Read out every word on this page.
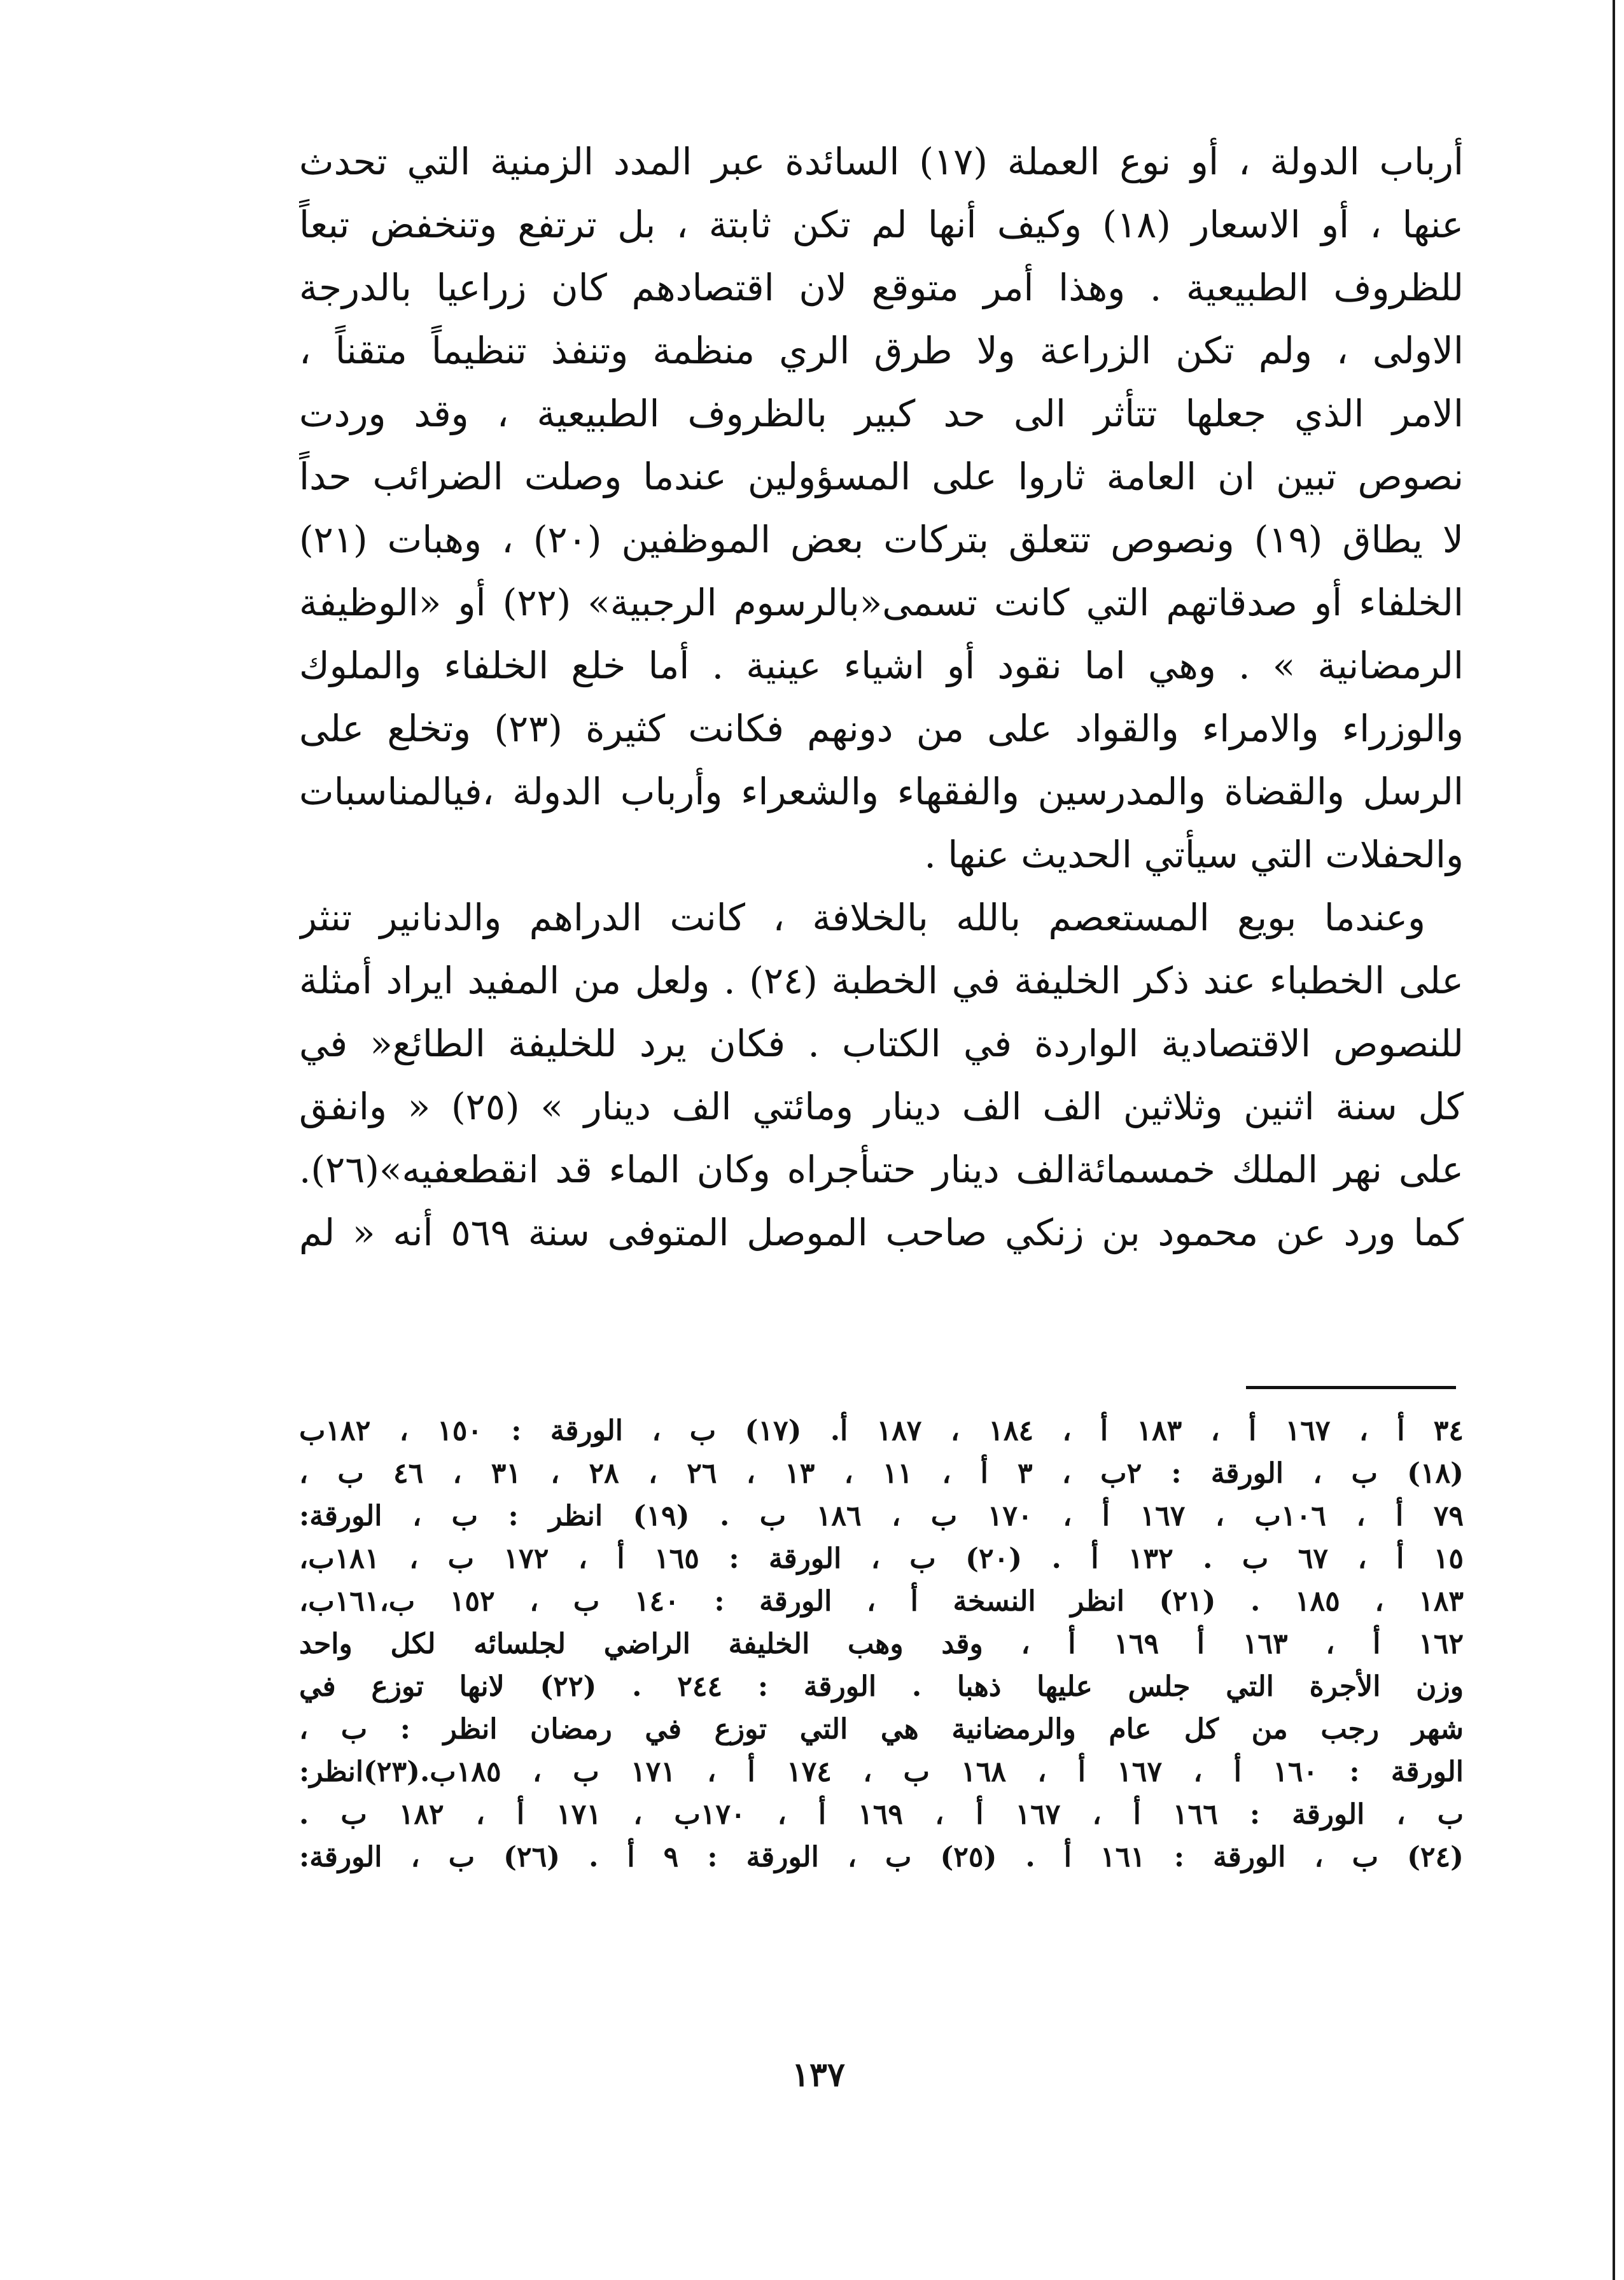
أرباب الدولة ، أو نوع العملة (١٧) السائدة عبر المدد الزمنية التي تحدث
عنها ، أو الاسعار (١٨) وكيف أنها لم تكن ثابتة ، بل ترتفع وتنخفض تبعاً
للظروف الطبيعية . وهذا أمر متوقع لان اقتصادهم كان زراعيا بالدرجة
الاولى ، ولم تكن الزراعة ولا طرق الري منظمة وتنفذ تنظيماً متقناً ،
الامر الذي جعلها تتأثر الى حد كبير بالظروف الطبيعية ، وقد وردت
نصوص تبين ان العامة ثاروا على المسؤولين عندما وصلت الضرائب حداً
لا يطاق (١٩) ونصوص تتعلق بتركات بعض الموظفين (٢٠) ، وهبات (٢١)
الخلفاء أو صدقاتهم التي كانت تسمى«بالرسوم الرجبية» (٢٢) أو «الوظيفة
الرمضانية » . وهي اما نقود أو اشياء عينية . أما خلع الخلفاء والملوك
والوزراء والامراء والقواد على من دونهم فكانت كثيرة (٢٣) وتخلع على
الرسل والقضاة والمدرسين والفقهاء والشعراء وأرباب الدولة ،فيالمناسبات
والحفلات التي سيأتي الحديث عنها .
وعندما بويع المستعصم بالله بالخلافة ، كانت الدراهم والدنانير تنثر
على الخطباء عند ذكر الخليفة في الخطبة (٢٤) . ولعل من المفيد ايراد أمثلة
للنصوص الاقتصادية الواردة في الكتاب . فكان يرد للخليفة الطائع« في
كل سنة اثنين وثلاثين الف الف دينار ومائتي الف دينار » (٢٥) « وانفق
على نهر الملك خمسمائةالف دينار حتىأجراه وكان الماء قد انقطعفيه»(٢٦).
كما ورد عن محمود بن زنكي صاحب الموصل المتوفى سنة ٥٦٩ أنه « لم
٣٤ أ ، ١٦٧ أ ، ١٨٣ أ ، ١٨٤ ، ١٨٧ أ. (١٧) ب ، الورقة : ١٥٠ ، ١٨٢ب
(١٨) ب ، الورقة : ٢ب ، ٣ أ ، ١١ ، ١٣ ، ٢٦ ، ٢٨ ، ٣١ ، ٤٦ ب ،
٧٩ أ ، ١٠٦ب ، ١٦٧ أ ، ١٧٠ ب ، ١٨٦ ب . (١٩) انظر : ب ، الورقة:
١٥ أ ، ٦٧ ب . ١٣٢ أ . (٢٠) ب ، الورقة : ١٦٥ أ ، ١٧٢ ب ، ١٨١ب،
١٨٣ ، ١٨٥ . (٢١) انظر النسخة أ ، الورقة : ١٤٠ ب ، ١٥٢ ب،١٦١ب،
١٦٢ أ ، ١٦٣ أ ١٦٩ أ ، وقد وهب الخليفة الراضي لجلسائه لكل واحد
وزن الأجرة التي جلس عليها ذهبا . الورقة : ٢٤٤ . (٢٢) لانها توزع في
شهر رجب من كل عام والرمضانية هي التي توزع في رمضان انظر : ب ،
الورقة : ١٦٠ أ ، ١٦٧ أ ، ١٦٨ ب ، ١٧٤ أ ، ١٧١ ب ، ١٨٥ب.(٢٣)انظر:
ب ، الورقة : ١٦٦ أ ، ١٦٧ أ ، ١٦٩ أ ، ١٧٠ب ، ١٧١ أ ، ١٨٢ ب .
(٢٤) ب ، الورقة : ١٦١ أ . (٢٥) ب ، الورقة : ٩ أ . (٢٦) ب ، الورقة:
١٣٧
